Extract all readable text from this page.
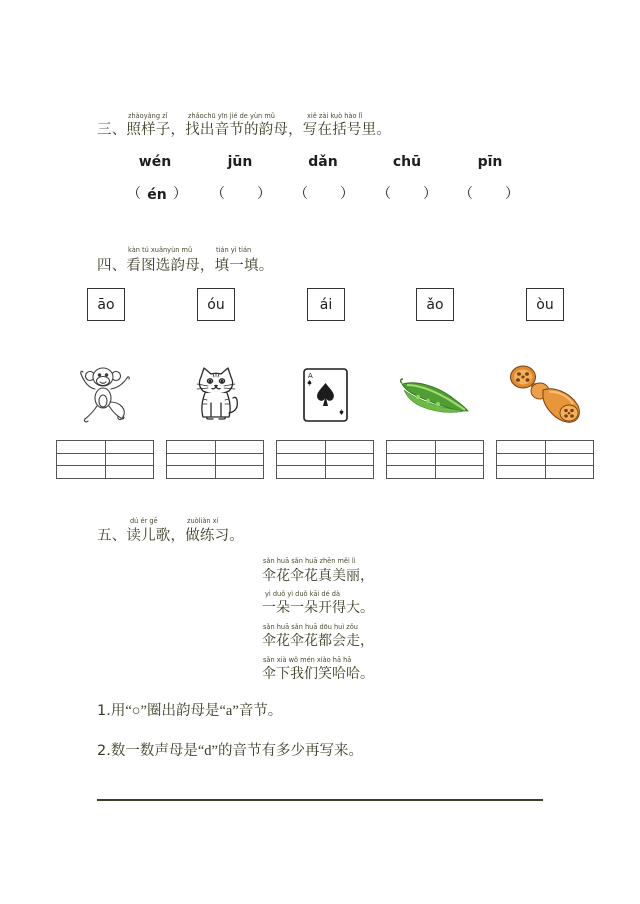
zhàoyàng zǐ	zhǎochū yīn jié de yùn mǔ	xiě zài kuò hào lǐ
三、照样子，找出音节的韵母，写在括号里。
wén	jūn	dǎn	chū	pīn
（ én ） （ ） （ ） （ ） （ ）
kàn tú xuǎnyùn mǔ	tián yì tián
四、看图选韵母，填一填。
āo	óu	ái	ǎo	òu
A
dú ér gē	zuòliàn xí
五、读儿歌，做练习。
sǎn huā sǎn huā zhēn měi lì
伞花伞花真美丽，
yì duǒ yì duǒ kāi dé dà
一朵一朵开得大。
sǎn huā sǎn huā dōu huì zǒu
伞花伞花都会走，
sǎn xià wǒ mén xiào hā hā
伞下我们笑哈哈。
1.用“○”圈出韵母是“a”音节。
2.数一数声母是“d”的音节有多少再写来。
